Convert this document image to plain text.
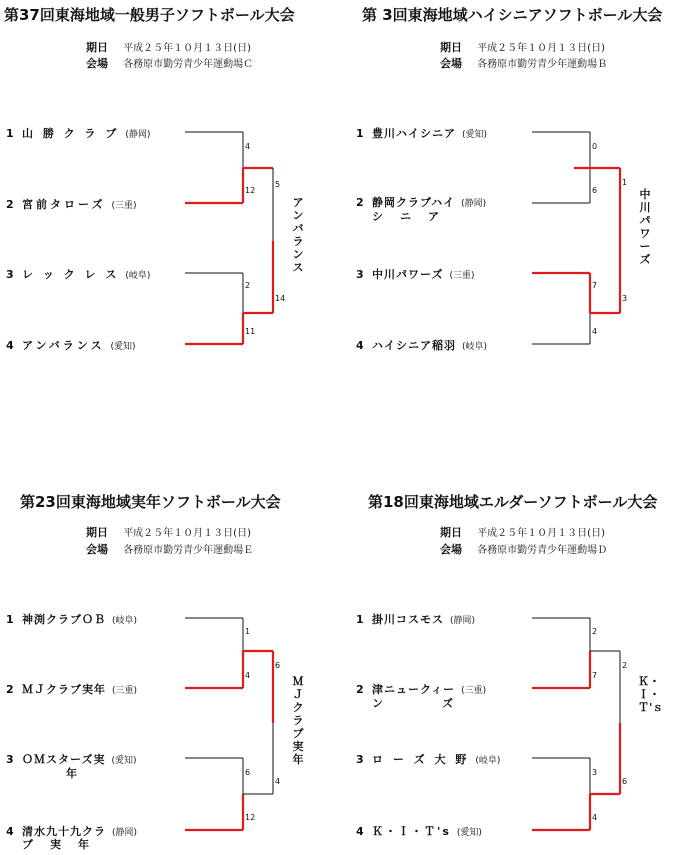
第37回東海地域一般男子ソフトボール大会
期日 平成２５年１０月１３日(日)
会場 各務原市勤労青少年運動場Ｃ
1 山 勝 ク ラ ブ (静岡)
2 宮前タローズ (三重)
3 レ ッ ク レ ス (岐阜)
4 アンバランス (愛知)
4
12
5
14
2
11
アンバランス
第 3回東海地域ハイシニアソフトボール大会
期日 平成２５年１０月１３日(日)
会場 各務原市勤労青少年運動場Ｂ
1 豊川ハイシニア (愛知)
2 静岡クラブハイ (静岡)
シ　ニ　ア
3 中川パワーズ (三重)
4 ハイシニア稲羽 (岐阜)
0
6
1
3
7
4
中川パワーズ
第23回東海地域実年ソフトボール大会
期日 平成２５年１０月１３日(日)
会場 各務原市勤労青少年運動場Ｅ
1 神渕クラブＯＢ (岐阜)
2 ＭＪクラブ実年 (三重)
3 ＯＭスターズ実 (愛知)
年
4 清水九十九クラ (静岡)
ブ　実　年
1
4
6
4
6
12
ＭＪクラブ実年
第18回東海地域エルダーソフトボール大会
期日 平成２５年１０月１３日(日)
会場 各務原市勤労青少年運動場Ｄ
1 掛川コスモス (静岡)
2 津ニュークィー (三重)
ン　　　　ズ
3 ロ ー ズ 大 野 (岐阜)
4 Ｋ・Ｉ・Ｔ's (愛知)
2
7
2
6
3
4
Ｋ・Ｉ・Ｔ'ｓ
